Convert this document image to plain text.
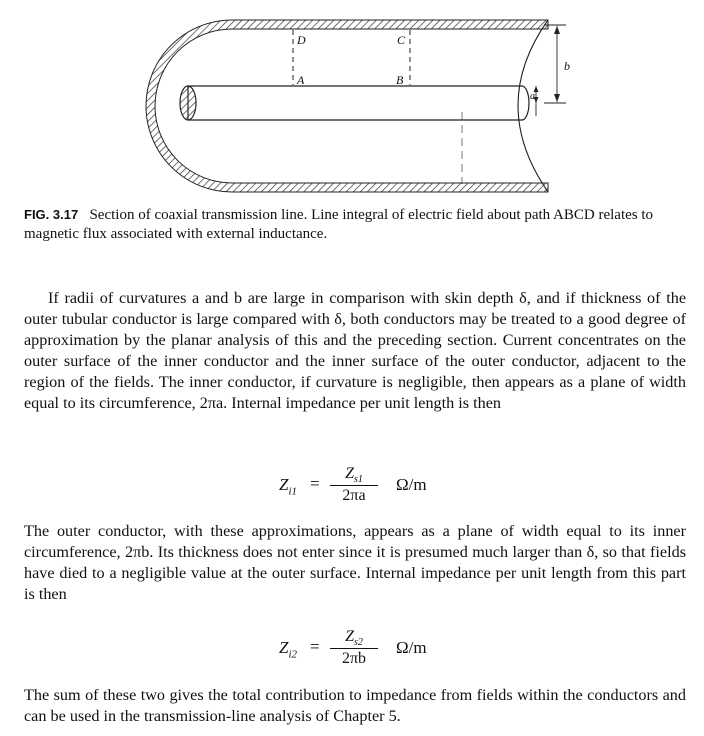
D	C
A	B
b
a
FIG. 3.17 Section of coaxial transmission line. Line integral of electric field about path ABCD relates to magnetic flux associated with external inductance.

If radii of curvatures a and b are large in comparison with skin depth δ, and if thickness of the outer tubular conductor is large compared with δ, both conductors may be treated to a good degree of approximation by the planar analysis of this and the preceding section. Current concentrates on the outer surface of the inner conductor and the inner surface of the outer conductor, adjacent to the region of the fields. The inner conductor, if curvature is negligible, then appears as a plane of width equal to its circumference, 2πa. Internal impedance per unit length is then

$Z_{i1}$ =
$Z_{s1}$
2πa
Ω/m

The outer conductor, with these approximations, appears as a plane of width equal to its inner circumference, 2πb. Its thickness does not enter since it is presumed much larger than δ, so that fields have died to a negligible value at the outer surface. Internal impedance per unit length from this part is then

$Z_{i2}$ =
$Z_{s2}$
2πb
Ω/m

The sum of these two gives the total contribution to impedance from fields within the conductors and can be used in the transmission-line analysis of Chapter 5.
